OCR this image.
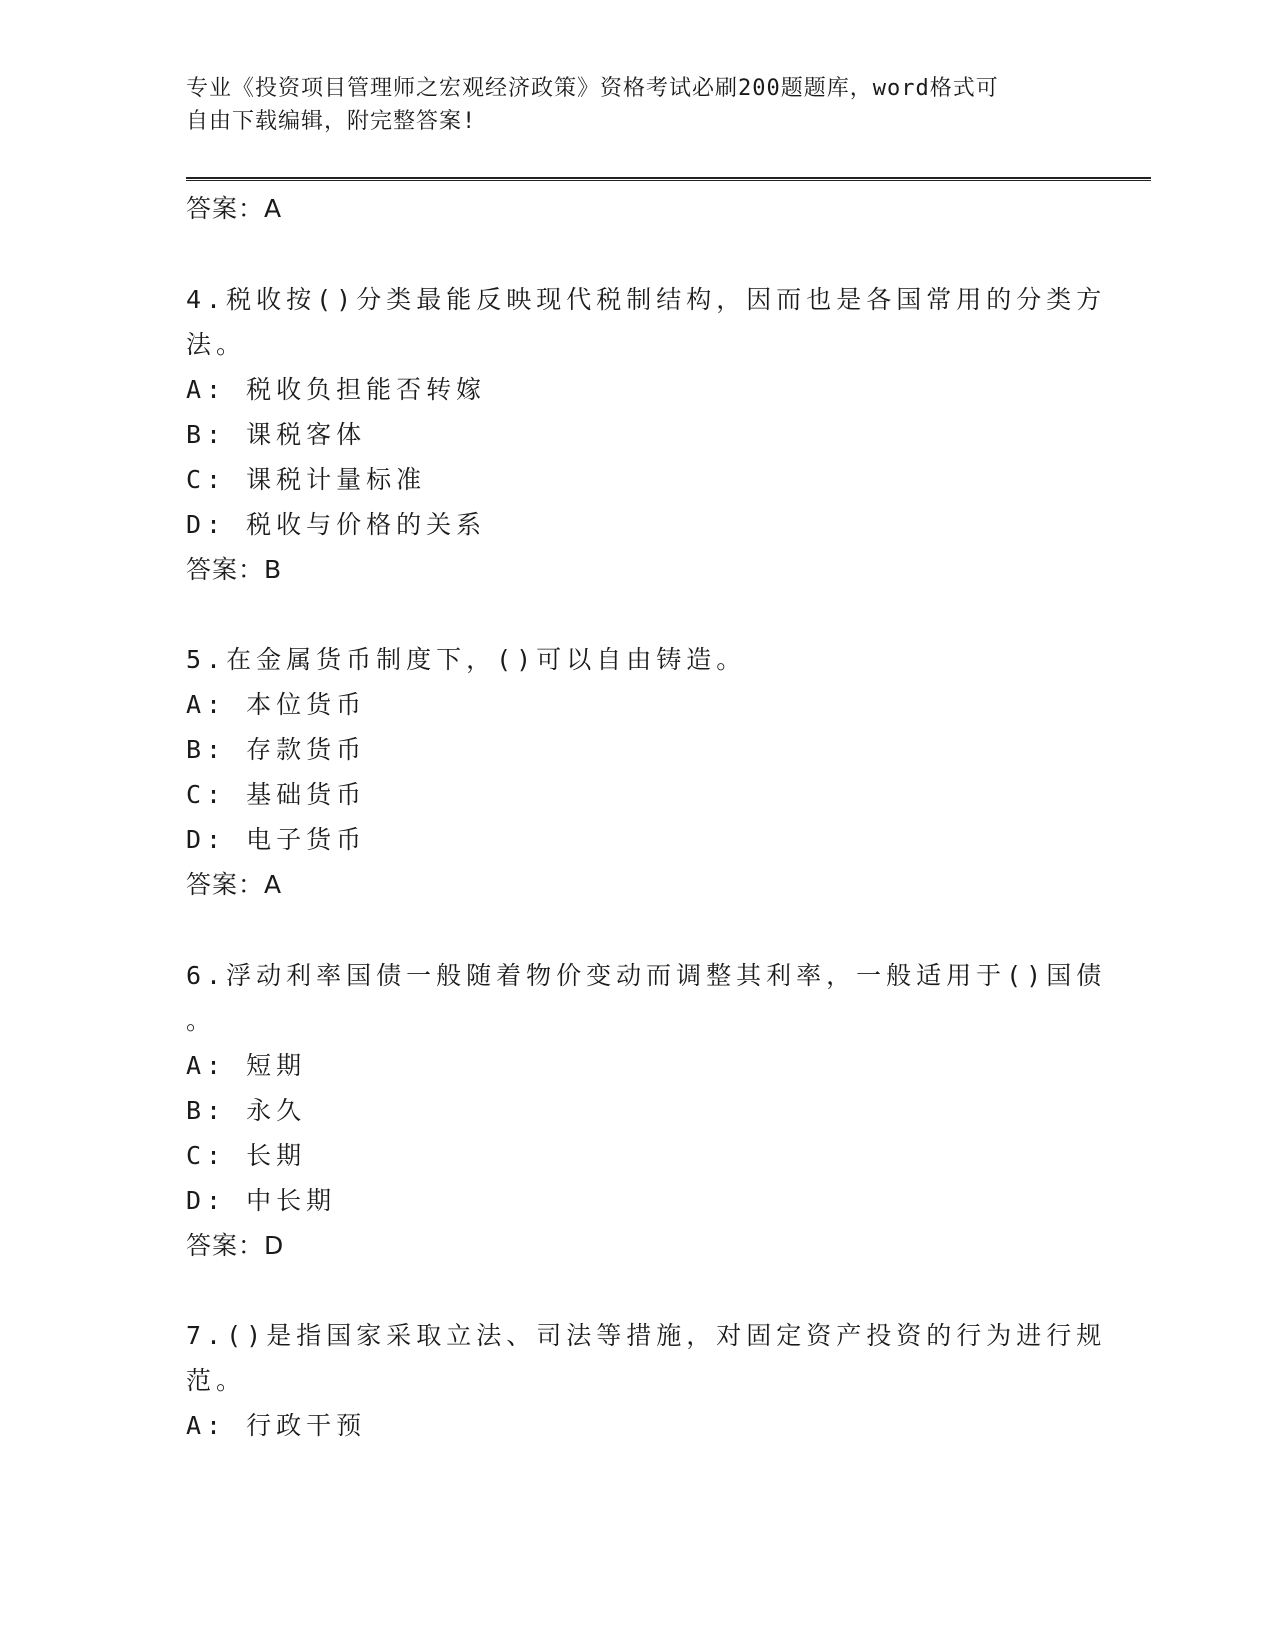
专业《投资项目管理师之宏观经济政策》资格考试必刷200题题库，word格式可
自由下载编辑，附完整答案!
答案：A
4.税收按()分类最能反映现代税制结构，因而也是各国常用的分类方
法。
A: 税收负担能否转嫁
B: 课税客体
C: 课税计量标准
D: 税收与价格的关系
答案：B
5.在金属货币制度下，()可以自由铸造。
A: 本位货币
B: 存款货币
C: 基础货币
D: 电子货币
答案：A
6.浮动利率国债一般随着物价变动而调整其利率，一般适用于()国债
。
A: 短期
B: 永久
C: 长期
D: 中长期
答案：D
7.()是指国家采取立法、司法等措施，对固定资产投资的行为进行规
范。
A: 行政干预
